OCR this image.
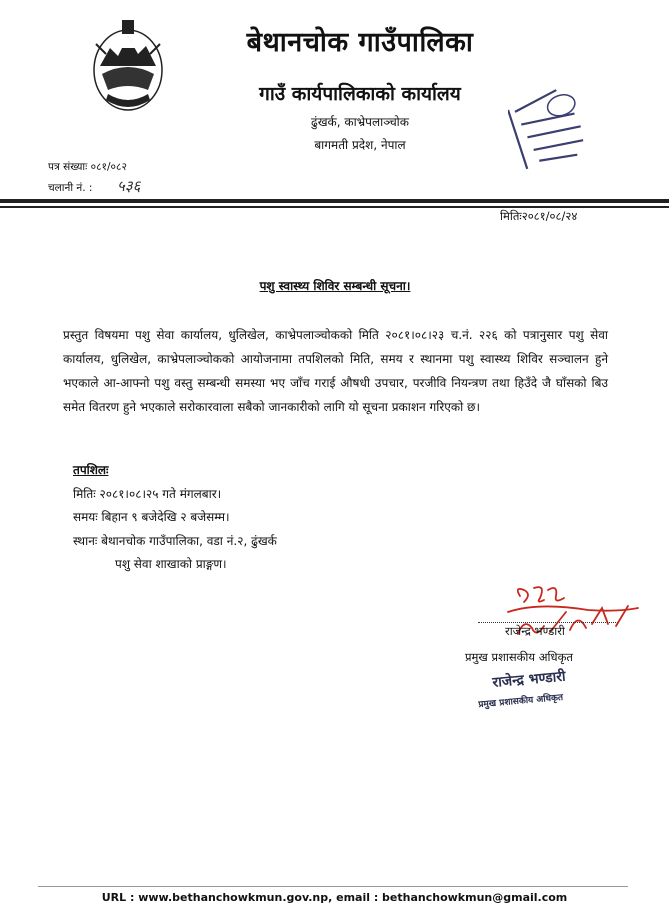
बेथानचोक गाउँपालिका
गाउँ कार्यपालिकाको कार्यालय
ढुंखर्क, काभ्रेपलाञ्चोक
बागमती प्रदेश, नेपाल
पत्र संख्याः ०८१/०८२
चलानी नं. : ५३६
मितिः२०८१/०८/२४
पशु स्वास्थ्य शिविर सम्बन्धी सूचना।
प्रस्तुत विषयमा पशु सेवा कार्यालय, धुलिखेल, काभ्रेपलाञ्चोकको मिति २०८१।०८।२३ च.नं. २२६ को पत्रानुसार पशु सेवा कार्यालय, धुलिखेल, काभ्रेपलाञ्चोकको आयोजनामा तपशिलको मिति, समय र स्थानमा पशु स्वास्थ्य शिविर सञ्चालन हुने भएकाले आ-आफ्नो पशु वस्तु सम्बन्धी समस्या भए जाँच गराई औषधी उपचार, परजीवि नियन्त्रण तथा हिउँदे जै घाँसको बिउ समेत वितरण हुने भएकाले सरोकारवाला सबैको जानकारीको लागि यो सूचना प्रकाशन गरिएको छ।
तपशिलः
मितिः २०८१।०८।२५ गते मंगलबार।
समयः बिहान ९ बजेदेखि २ बजेसम्म।
स्थानः बेथानचोक गाउँपालिका, वडा नं.२, ढुंखर्क
पशु सेवा शाखाको प्राङ्गण।
राजेन्द्र भण्डारी
प्रमुख प्रशासकीय अधिकृत
राजेन्द्र भण्डारी
प्रमुख प्रशासकीय अधिकृत
URL : www.bethanchowkmun.gov.np, email : bethanchowkmun@gmail.com
